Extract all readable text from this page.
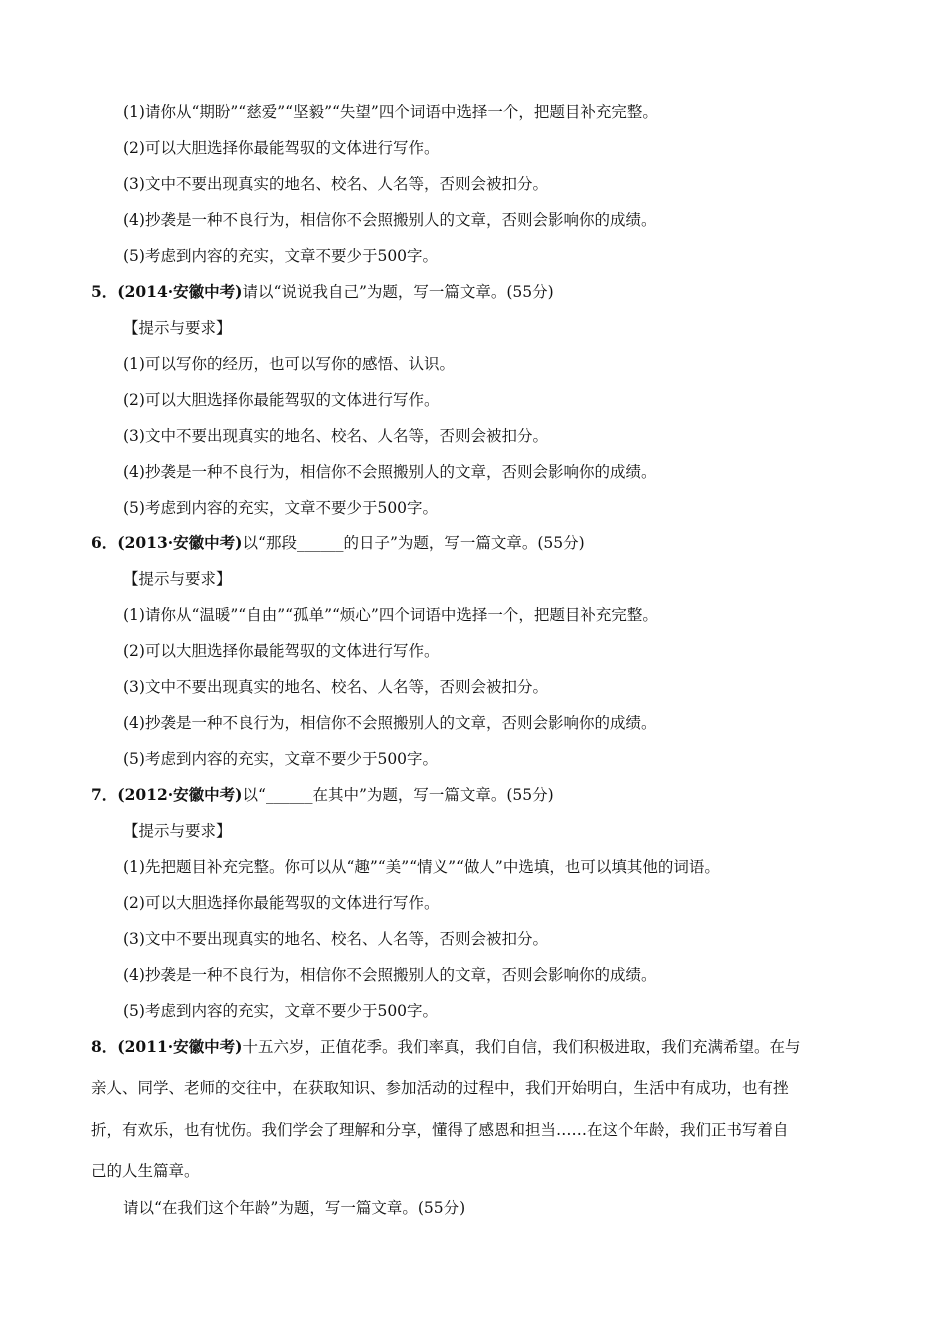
(1)请你从“期盼”“慈爱”“坚毅”“失望”四个词语中选择一个，把题目补充完整。
(2)可以大胆选择你最能驾驭的文体进行写作。
(3)文中不要出现真实的地名、校名、人名等，否则会被扣分。
(4)抄袭是一种不良行为，相信你不会照搬别人的文章，否则会影响你的成绩。
(5)考虑到内容的充实，文章不要少于500字。
5．(2014·安徽中考)请以“说说我自己”为题，写一篇文章。(55分)
【提示与要求】
(1)可以写你的经历，也可以写你的感悟、认识。
(2)可以大胆选择你最能驾驭的文体进行写作。
(3)文中不要出现真实的地名、校名、人名等，否则会被扣分。
(4)抄袭是一种不良行为，相信你不会照搬别人的文章，否则会影响你的成绩。
(5)考虑到内容的充实，文章不要少于500字。
6．(2013·安徽中考)以“那段______的日子”为题，写一篇文章。(55分)
【提示与要求】
(1)请你从“温暖”“自由”“孤单”“烦心”四个词语中选择一个，把题目补充完整。
(2)可以大胆选择你最能驾驭的文体进行写作。
(3)文中不要出现真实的地名、校名、人名等，否则会被扣分。
(4)抄袭是一种不良行为，相信你不会照搬别人的文章，否则会影响你的成绩。
(5)考虑到内容的充实，文章不要少于500字。
7．(2012·安徽中考)以“______在其中”为题，写一篇文章。(55分)
【提示与要求】
(1)先把题目补充完整。你可以从“趣”“美”“情义”“做人”中选填，也可以填其他的词语。
(2)可以大胆选择你最能驾驭的文体进行写作。
(3)文中不要出现真实的地名、校名、人名等，否则会被扣分。
(4)抄袭是一种不良行为，相信你不会照搬别人的文章，否则会影响你的成绩。
(5)考虑到内容的充实，文章不要少于500字。
8．(2011·安徽中考)十五六岁，正值花季。我们率真，我们自信，我们积极进取，我们充满希望。在与
亲人、同学、老师的交往中，在获取知识、参加活动的过程中，我们开始明白，生活中有成功，也有挫
折，有欢乐，也有忧伤。我们学会了理解和分享，懂得了感恩和担当……在这个年龄，我们正书写着自
己的人生篇章。
请以“在我们这个年龄”为题，写一篇文章。(55分)
